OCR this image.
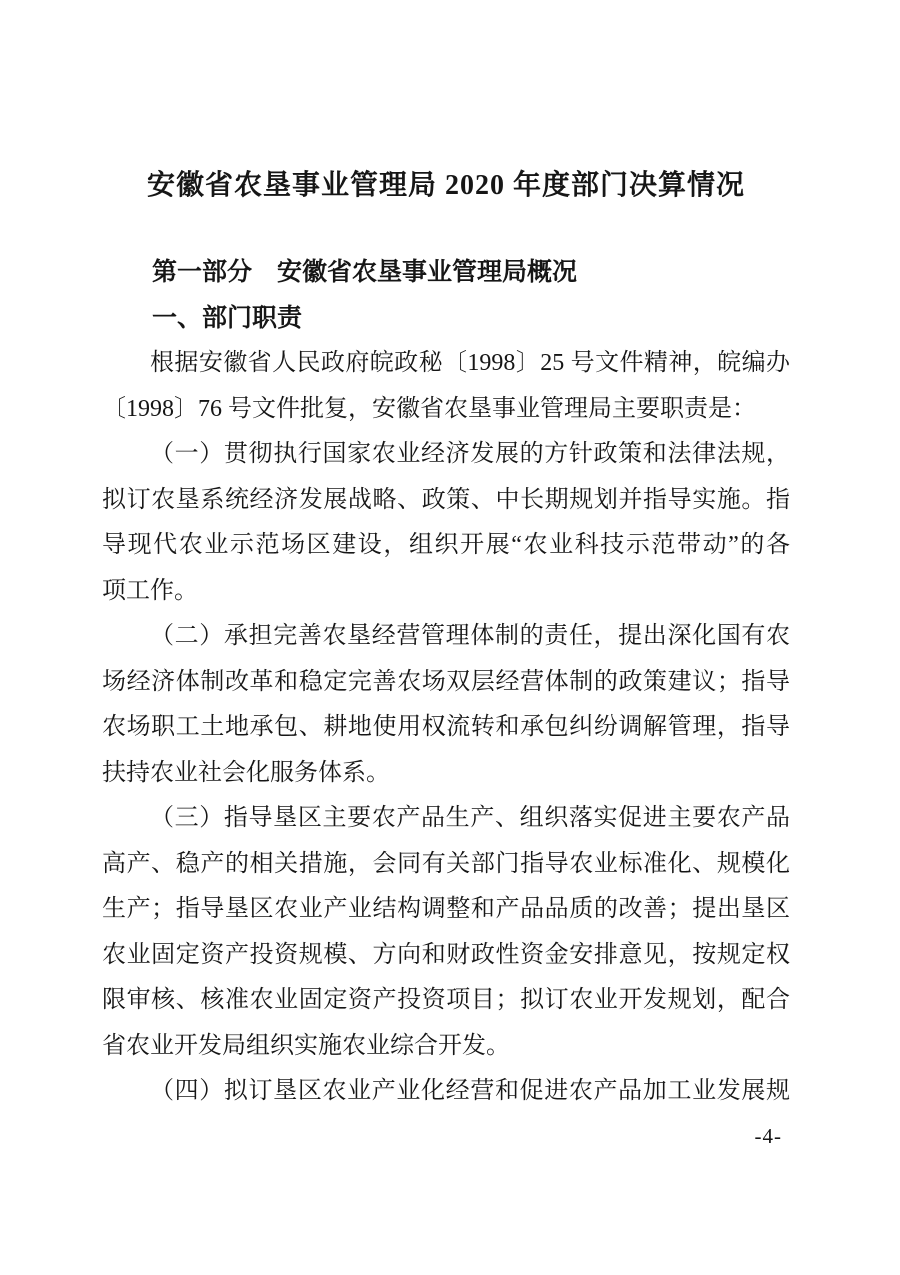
安徽省农垦事业管理局 2020 年度部门决算情况
第一部分　安徽省农垦事业管理局概况
一、部门职责
根据安徽省人民政府皖政秘〔1998〕25 号文件精神，皖编办
〔1998〕76 号文件批复，安徽省农垦事业管理局主要职责是：
（一）贯彻执行国家农业经济发展的方针政策和法律法规，
拟订农垦系统经济发展战略、政策、中长期规划并指导实施。指
导现代农业示范场区建设，组织开展“农业科技示范带动”的各
项工作。
（二）承担完善农垦经营管理体制的责任，提出深化国有农
场经济体制改革和稳定完善农场双层经营体制的政策建议；指导
农场职工土地承包、耕地使用权流转和承包纠纷调解管理，指导
扶持农业社会化服务体系。
（三）指导垦区主要农产品生产、组织落实促进主要农产品
高产、稳产的相关措施，会同有关部门指导农业标准化、规模化
生产；指导垦区农业产业结构调整和产品品质的改善；提出垦区
农业固定资产投资规模、方向和财政性资金安排意见，按规定权
限审核、核准农业固定资产投资项目；拟订农业开发规划，配合
省农业开发局组织实施农业综合开发。
（四）拟订垦区农业产业化经营和促进农产品加工业发展规
-4-
